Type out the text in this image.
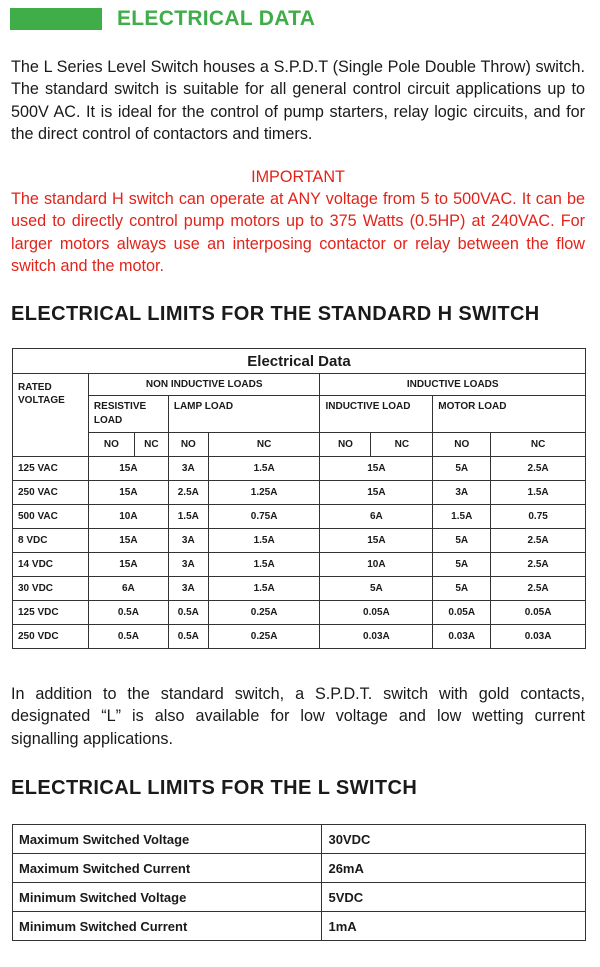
ELECTRICAL DATA

The L Series Level Switch houses a S.P.D.T (Single Pole Double Throw) switch. The standard switch is suitable for all general control circuit applications up to 500V AC. It is ideal for the control of pump starters, relay logic circuits, and for the direct control of contactors and timers.

IMPORTANT

The standard H switch can operate at ANY voltage from 5 to 500VAC. It can be used to directly control pump motors up to 375 Watts (0.5HP) at 240VAC. For larger motors always use an interposing contactor or relay between the flow switch and the motor.

ELECTRICAL LIMITS FOR THE STANDARD H SWITCH
Electrical Data								
RATED VOLTAGE	NON INDUCTIVE LOADS				INDUCTIVE LOADS			
	RESISTIVE LOAD		LAMP LOAD		INDUCTIVE LOAD		MOTOR LOAD	
	NO	NC	NO	NC	NO	NC	NO	NC
125 VAC	15A		3A	1.5A	15A		5A	2.5A
250 VAC	15A		2.5A	1.25A	15A		3A	1.5A
500 VAC	10A		1.5A	0.75A	6A		1.5A	0.75
8 VDC	15A		3A	1.5A	15A		5A	2.5A
14 VDC	15A		3A	1.5A	10A		5A	2.5A
30 VDC	6A		3A	1.5A	5A		5A	2.5A
125 VDC	0.5A		0.5A	0.25A	0.05A		0.05A	0.05A
250 VDC	0.5A		0.5A	0.25A	0.03A		0.03A	0.03A

In addition to the standard switch, a S.P.D.T. switch with gold contacts, designated “L” is also available for low voltage and low wetting current signalling applications.

ELECTRICAL LIMITS FOR THE L SWITCH
Maximum Switched Voltage	30VDC
Maximum Switched Current	26mA
Minimum Switched Voltage	5VDC
Minimum Switched Current	1mA
